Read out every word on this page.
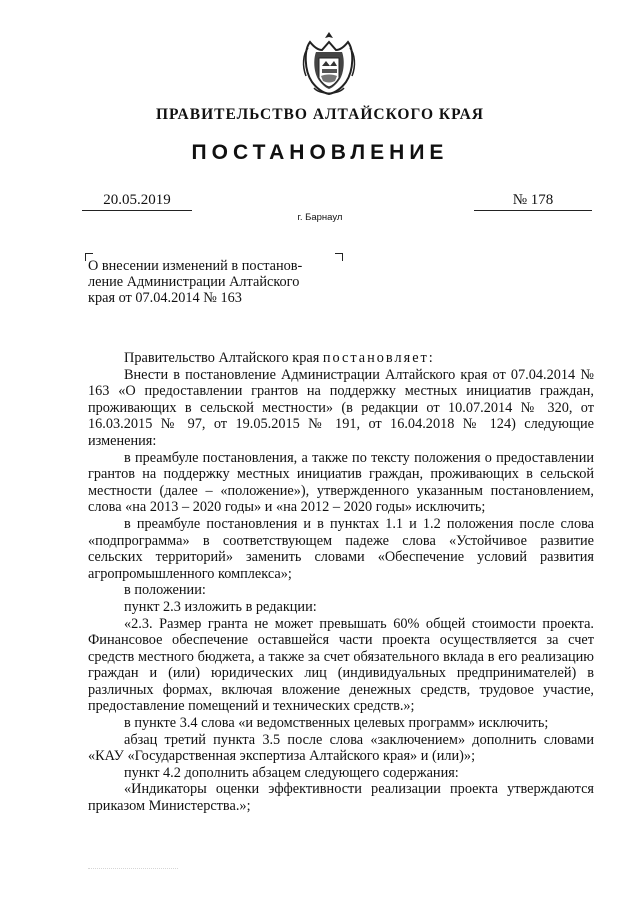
ПРАВИТЕЛЬСТВО АЛТАЙСКОГО КРАЯ
ПОСТАНОВЛЕНИЕ
20.05.2019	№ 178
г. Барнаул
О внесении изменений в постанов-
ление Администрации Алтайского
края от 07.04.2014 № 163

Правительство Алтайского края постановляет:

Внести в постановление Администрации Алтайского края от 07.04.2014 № 163 «О предоставлении грантов на поддержку местных инициатив граждан, проживающих в сельской местности» (в редакции от 10.07.2014 № 320, от 16.03.2015 № 97, от 19.05.2015 № 191, от 16.04.2018 № 124) следующие изменения:

в преамбуле постановления, а также по тексту положения о предоставлении грантов на поддержку местных инициатив граждан, проживающих в сельской местности (далее – «положение»), утвержденного указанным постановлением, слова «на 2013 – 2020 годы» и «на 2012 – 2020 годы» исключить;

в преамбуле постановления и в пунктах 1.1 и 1.2 положения после слова «подпрограмма» в соответствующем падеже слова «Устойчивое развитие сельских территорий» заменить словами «Обеспечение условий развития агропромышленного комплекса»;

в положении:

пункт 2.3 изложить в редакции:

«2.3. Размер гранта не может превышать 60% общей стоимости проекта. Финансовое обеспечение оставшейся части проекта осуществляется за счет средств местного бюджета, а также за счет обязательного вклада в его реализацию граждан и (или) юридических лиц (индивидуальных предпринимателей) в различных формах, включая вложение денежных средств, трудовое участие, предоставление помещений и технических средств.»;

в пункте 3.4 слова «и ведомственных целевых программ» исключить;

абзац третий пункта 3.5 после слова «заключением» дополнить словами «КАУ «Государственная экспертиза Алтайского края» и (или)»;

пункт 4.2 дополнить абзацем следующего содержания:

«Индикаторы оценки эффективности реализации проекта утверждаются приказом Министерства.»;
